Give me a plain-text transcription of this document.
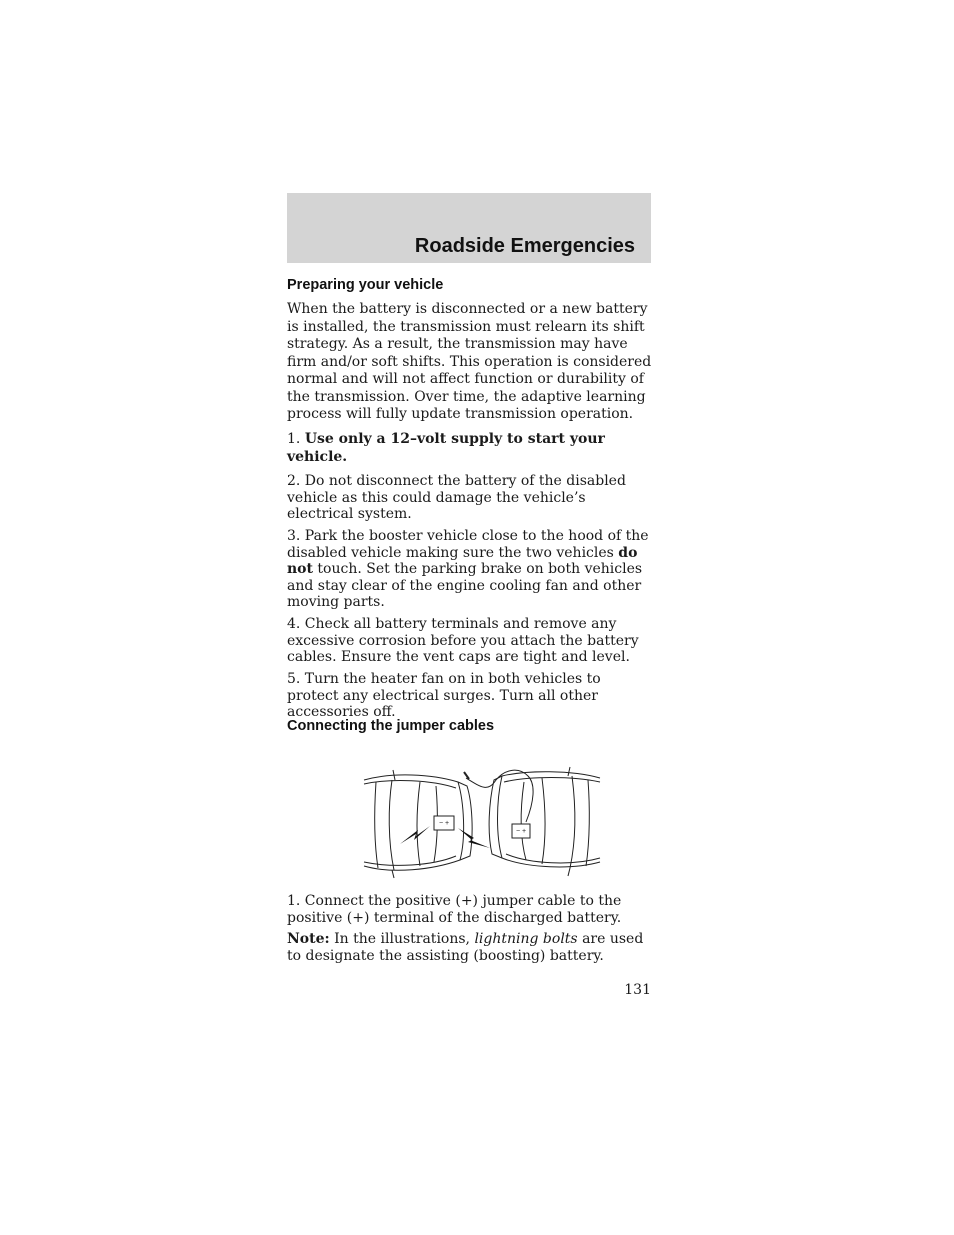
Roadside Emergencies
Preparing your vehicle

When the battery is disconnected or a new battery is installed, the transmission must relearn its shift strategy. As a result, the transmission may have firm and/or soft shifts. This operation is considered normal and will not affect function or durability of the transmission. Over time, the adaptive learning process will fully update transmission operation.

1. Use only a 12–volt supply to start your vehicle.

2. Do not disconnect the battery of the disabled vehicle as this could damage the vehicle’s electrical system.

3. Park the booster vehicle close to the hood of the disabled vehicle making sure the two vehicles do not touch. Set the parking brake on both vehicles and stay clear of the engine cooling fan and other moving parts.

4. Check all battery terminals and remove any excessive corrosion before you attach the battery cables. Ensure the vent caps are tight and level.

5. Turn the heater fan on in both vehicles to protect any electrical surges. Turn all other accessories off.

Connecting the jumper cables
− +
− +

1. Connect the positive (+) jumper cable to the positive (+) terminal of the discharged battery.

Note: In the illustrations, lightning bolts are used to designate the assisting (boosting) battery.

131
